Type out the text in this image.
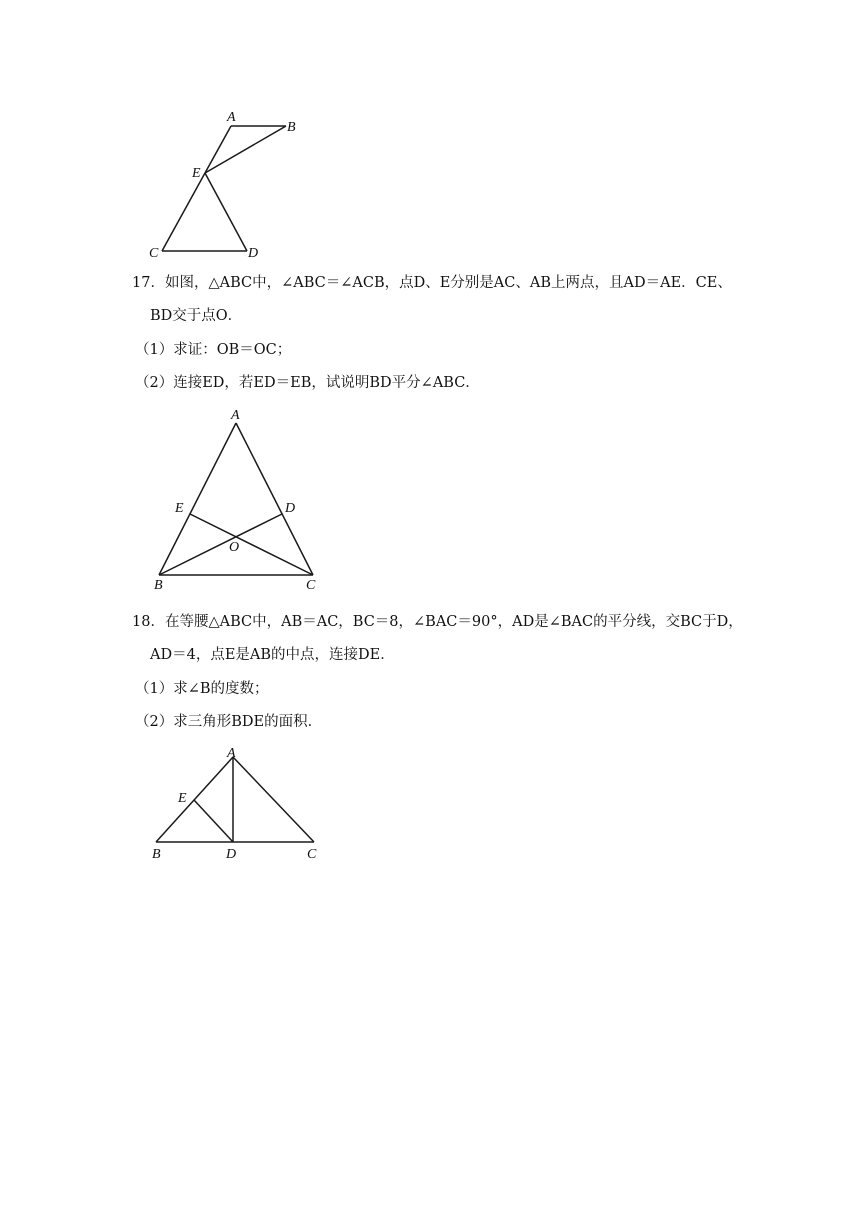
A
B
E
C	D
17．如图，△ABC中，∠ABC＝∠ACB，点D、E分别是AC、AB上两点，且AD＝AE．CE、
BD交于点O．
（1）求证：OB＝OC；
（2）连接ED，若ED＝EB，试说明BD平分∠ABC．
A
E	D
O
B	C
18．在等腰△ABC中，AB＝AC，BC＝8，∠BAC＝90°，AD是∠BAC的平分线，交BC于D，
AD＝4，点E是AB的中点，连接DE．
（1）求∠B的度数；
（2）求三角形BDE的面积．
A
E
B	D	C
